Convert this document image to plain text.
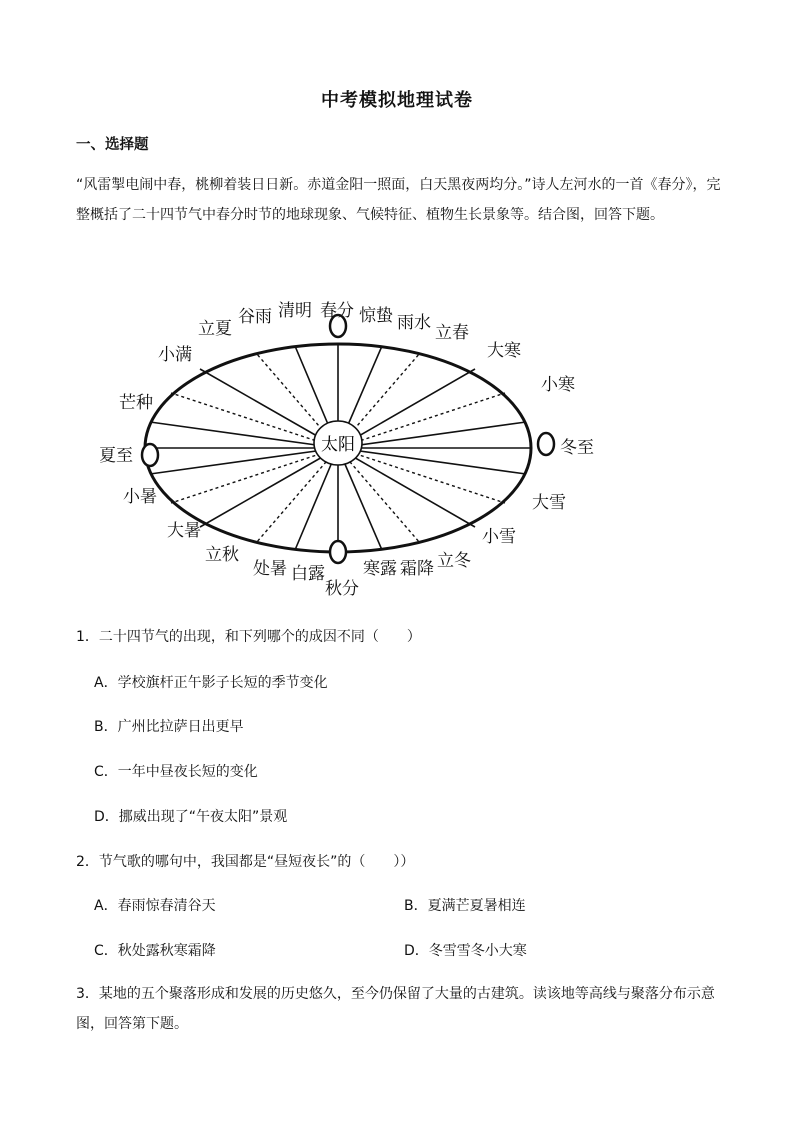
中考模拟地理试卷
一、选择题
“风雷掣电闹中春，桃柳着装日日新。赤道金阳一照面，白天黑夜两均分。”诗人左河水的一首《春分》，完整概括了二十四节气中春分时节的地球现象、气候特征、植物生长景象等。结合图，回答下题。
太阳
春分 惊蛰 雨水 立春
大寒
小寒
冬至
大雪
小雪
立冬
霜降
寒露
秋分
白露
处暑
立秋
大暑
小暑
夏至
芒种
小满
立夏
谷雨 清明
1．二十四节气的出现，和下列哪个的成因不同（　　）
A．学校旗杆正午影子长短的季节变化
B．广州比拉萨日出更早
C．一年中昼夜长短的变化
D．挪威出现了“午夜太阳”景观
2．节气歌的哪句中，我国都是“昼短夜长”的（　　））
A．春雨惊春清谷天	B．夏满芒夏暑相连
C．秋处露秋寒霜降	D．冬雪雪冬小大寒
3．某地的五个聚落形成和发展的历史悠久，至今仍保留了大量的古建筑。读该地等高线与聚落分布示意图，回答第下题。
